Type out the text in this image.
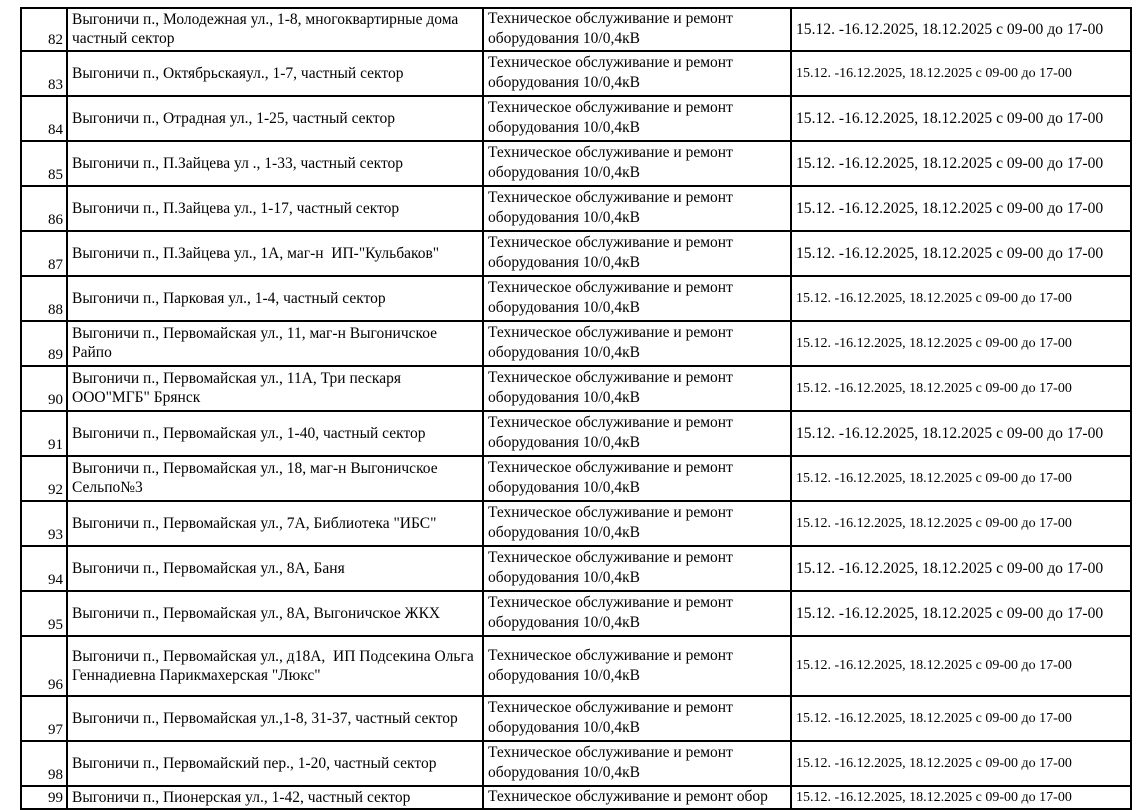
82	Выгоничи п., Молодежная ул., 1-8, многоквартирные дома частный сектор	Техническое обслуживание и ремонт оборудования 10/0,4кВ	15.12. -16.12.2025, 18.12.2025 с 09-00 до 17-00
83	Выгоничи п., Октябрьскаяул., 1-7, частный сектор	Техническое обслуживание и ремонт оборудования 10/0,4кВ	15.12. -16.12.2025, 18.12.2025 с 09-00 до 17-00
84	Выгоничи п., Отрадная ул., 1-25, частный сектор	Техническое обслуживание и ремонт оборудования 10/0,4кВ	15.12. -16.12.2025, 18.12.2025 с 09-00 до 17-00
85	Выгоничи п., П.Зайцева ул ., 1-33, частный сектор	Техническое обслуживание и ремонт оборудования 10/0,4кВ	15.12. -16.12.2025, 18.12.2025 с 09-00 до 17-00
86	Выгоничи п., П.Зайцева ул., 1-17, частный сектор	Техническое обслуживание и ремонт оборудования 10/0,4кВ	15.12. -16.12.2025, 18.12.2025 с 09-00 до 17-00
87	Выгоничи п., П.Зайцева ул., 1А, маг-н  ИП-"Кульбаков"	Техническое обслуживание и ремонт оборудования 10/0,4кВ	15.12. -16.12.2025, 18.12.2025 с 09-00 до 17-00
88	Выгоничи п., Парковая ул., 1-4, частный сектор	Техническое обслуживание и ремонт оборудования 10/0,4кВ	15.12. -16.12.2025, 18.12.2025 с 09-00 до 17-00
89	Выгоничи п., Первомайская ул., 11, маг-н Выгоничское Райпо	Техническое обслуживание и ремонт оборудования 10/0,4кВ	15.12. -16.12.2025, 18.12.2025 с 09-00 до 17-00
90	Выгоничи п., Первомайская ул., 11А, Три пескаря ООО"МГБ" Брянск	Техническое обслуживание и ремонт оборудования 10/0,4кВ	15.12. -16.12.2025, 18.12.2025 с 09-00 до 17-00
91	Выгоничи п., Первомайская ул., 1-40, частный сектор	Техническое обслуживание и ремонт оборудования 10/0,4кВ	15.12. -16.12.2025, 18.12.2025 с 09-00 до 17-00
92	Выгоничи п., Первомайская ул., 18, маг-н Выгоничское Сельпо№3	Техническое обслуживание и ремонт оборудования 10/0,4кВ	15.12. -16.12.2025, 18.12.2025 с 09-00 до 17-00
93	Выгоничи п., Первомайская ул., 7А, Библиотека "ИБС"	Техническое обслуживание и ремонт оборудования 10/0,4кВ	15.12. -16.12.2025, 18.12.2025 с 09-00 до 17-00
94	Выгоничи п., Первомайская ул., 8А, Баня	Техническое обслуживание и ремонт оборудования 10/0,4кВ	15.12. -16.12.2025, 18.12.2025 с 09-00 до 17-00
95	Выгоничи п., Первомайская ул., 8А, Выгоничское ЖКХ	Техническое обслуживание и ремонт оборудования 10/0,4кВ	15.12. -16.12.2025, 18.12.2025 с 09-00 до 17-00
96	Выгоничи п., Первомайская ул., д18А,  ИП Подсекина Ольга Геннадиевна Парикмахерская "Люкс"	Техническое обслуживание и ремонт оборудования 10/0,4кВ	15.12. -16.12.2025, 18.12.2025 с 09-00 до 17-00
97	Выгоничи п., Первомайская ул.,1-8, 31-37, частный сектор	Техническое обслуживание и ремонт оборудования 10/0,4кВ	15.12. -16.12.2025, 18.12.2025 с 09-00 до 17-00
98	Выгоничи п., Первомайский пер., 1-20, частный сектор	Техническое обслуживание и ремонт оборудования 10/0,4кВ	15.12. -16.12.2025, 18.12.2025 с 09-00 до 17-00
99	Выгоничи п., Пионерская ул., 1-42, частный сектор	Техническое обслуживание и ремонт обор	15.12. -16.12.2025, 18.12.2025 с 09-00 до 17-00
